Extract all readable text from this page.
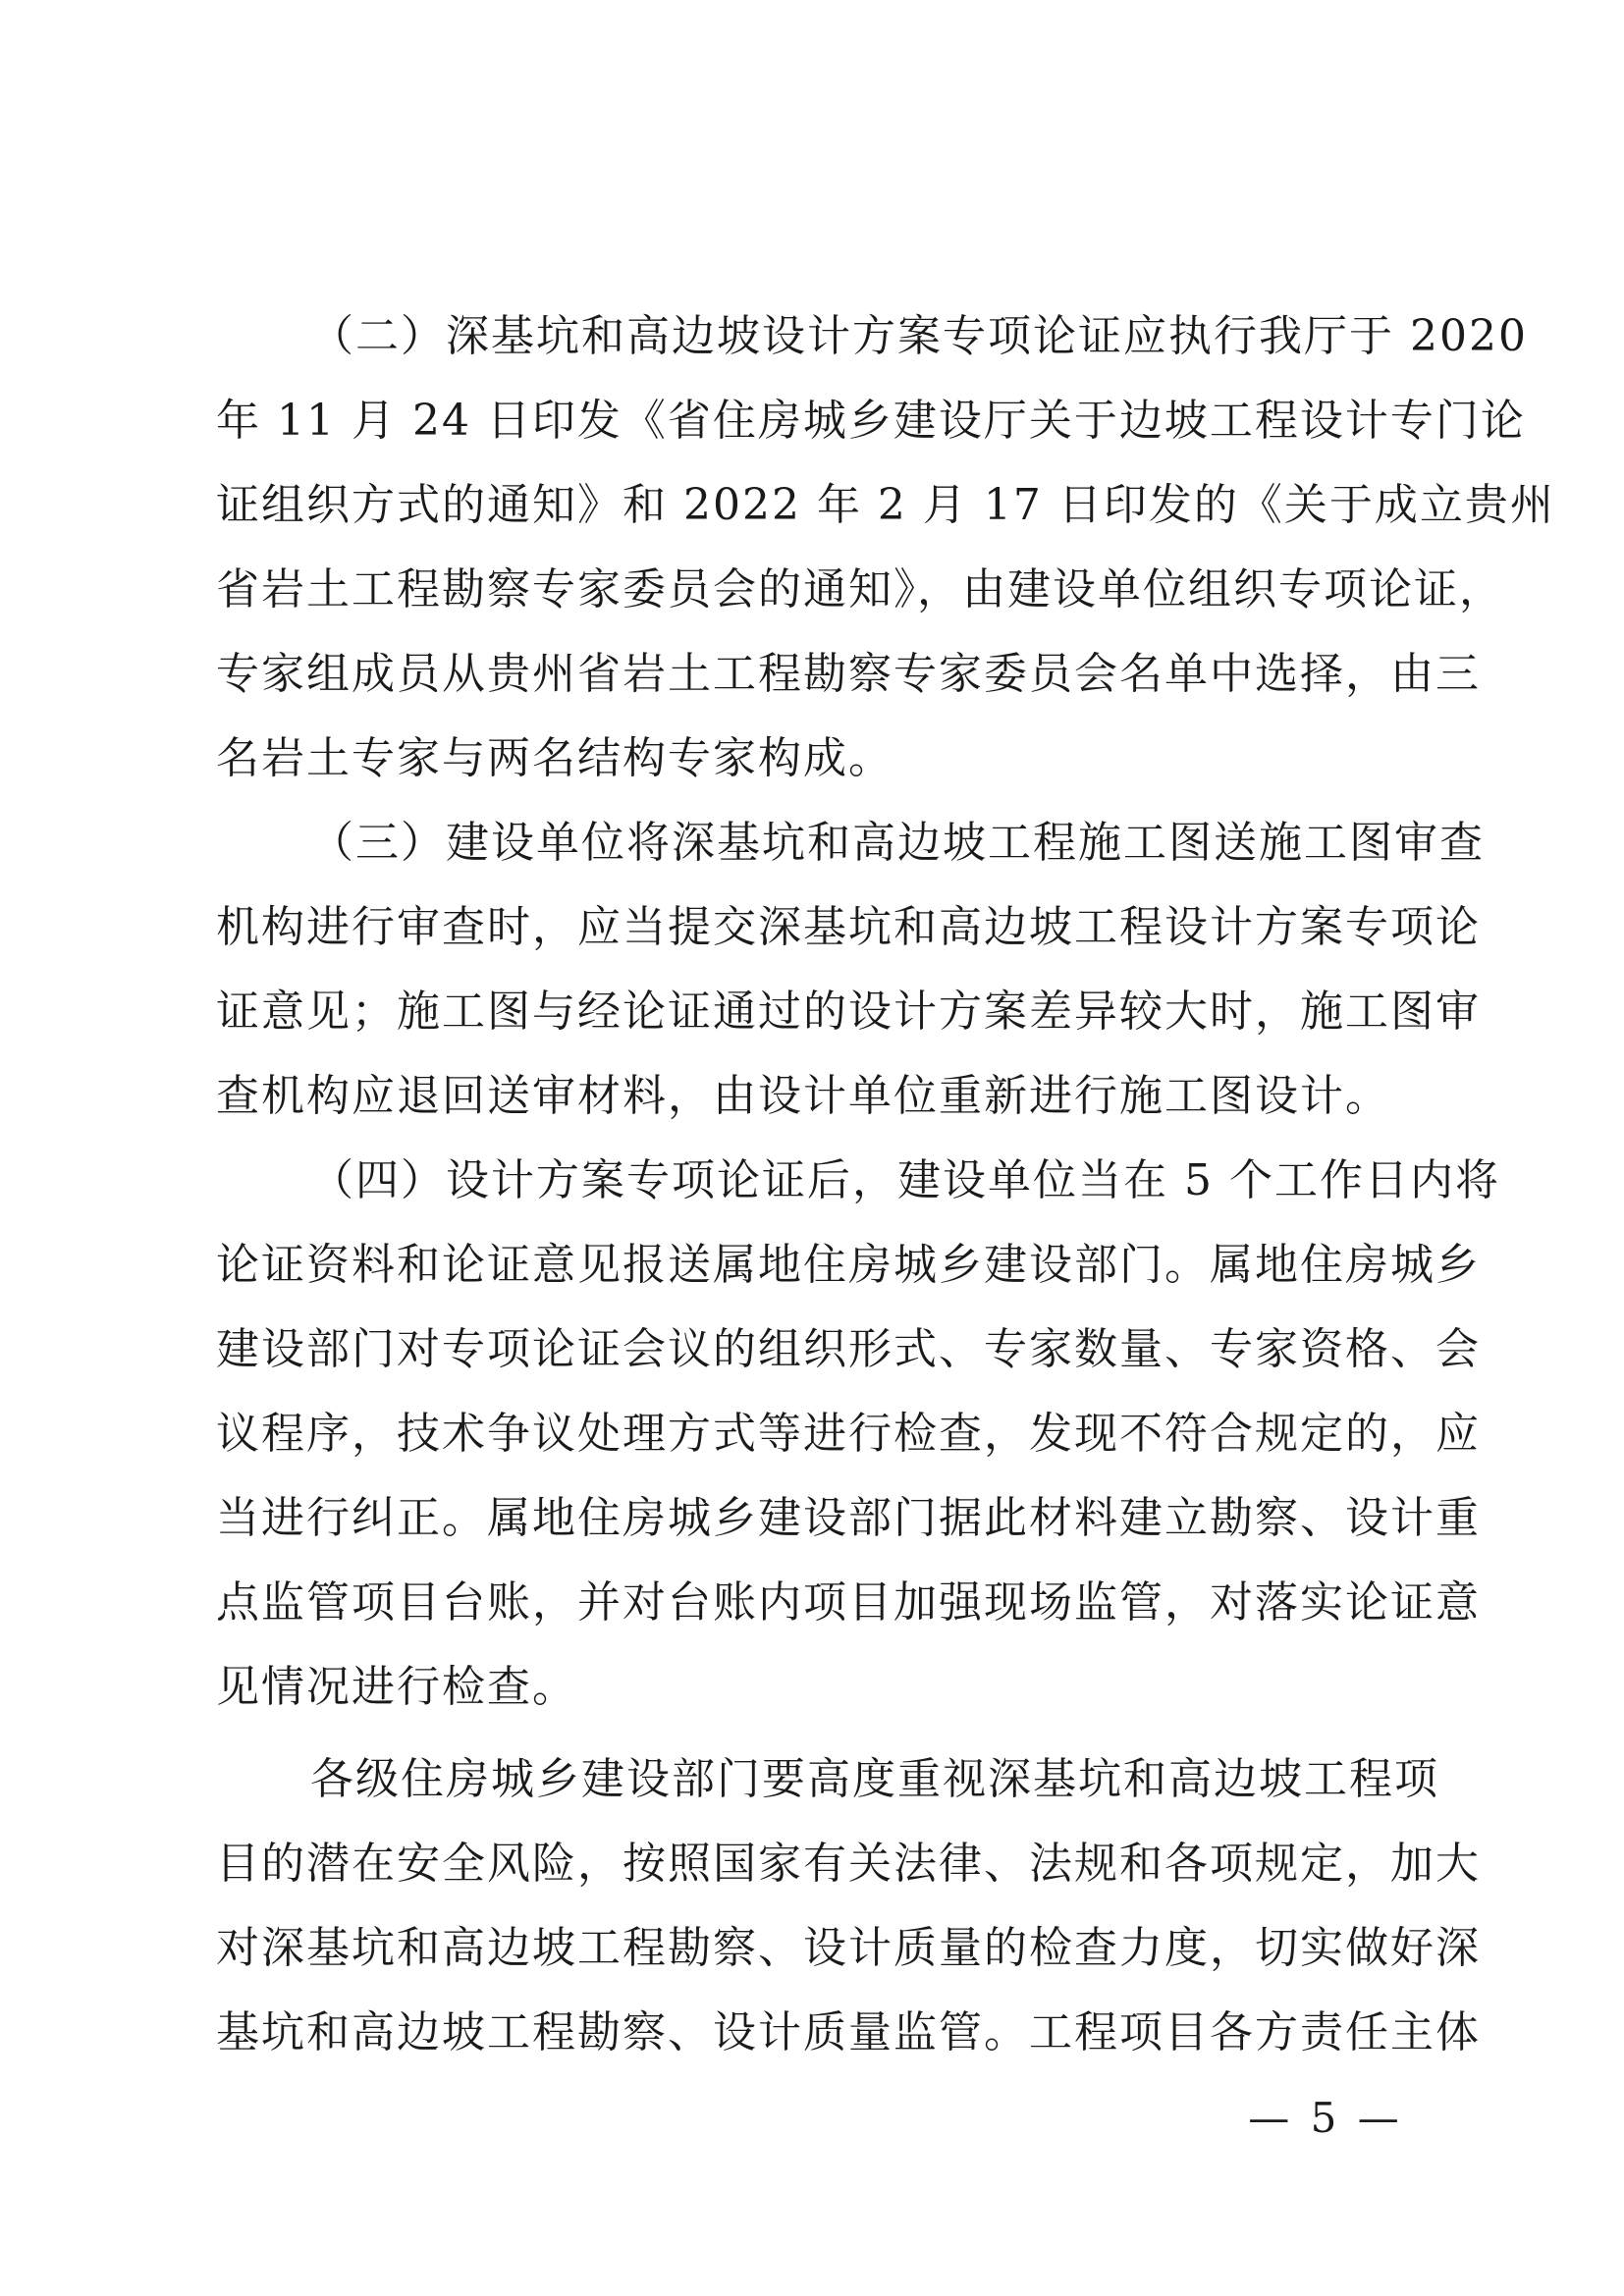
（二）深基坑和高边坡设计方案专项论证应执行我厅于 2020
年 11 月 24 日印发《省住房城乡建设厅关于边坡工程设计专门论
证组织方式的通知》和 2022 年 2 月 17 日印发的《关于成立贵州
省岩土工程勘察专家委员会的通知》，由建设单位组织专项论证，
专家组成员从贵州省岩土工程勘察专家委员会名单中选择，由三
名岩土专家与两名结构专家构成。
（三）建设单位将深基坑和高边坡工程施工图送施工图审查
机构进行审查时，应当提交深基坑和高边坡工程设计方案专项论
证意见；施工图与经论证通过的设计方案差异较大时，施工图审
查机构应退回送审材料，由设计单位重新进行施工图设计。
（四）设计方案专项论证后，建设单位当在 5 个工作日内将
论证资料和论证意见报送属地住房城乡建设部门。属地住房城乡
建设部门对专项论证会议的组织形式、专家数量、专家资格、会
议程序，技术争议处理方式等进行检查，发现不符合规定的，应
当进行纠正。属地住房城乡建设部门据此材料建立勘察、设计重
点监管项目台账，并对台账内项目加强现场监管，对落实论证意
见情况进行检查。
各级住房城乡建设部门要高度重视深基坑和高边坡工程项
目的潜在安全风险，按照国家有关法律、法规和各项规定，加大
对深基坑和高边坡工程勘察、设计质量的检查力度，切实做好深
基坑和高边坡工程勘察、设计质量监管。工程项目各方责任主体
— 5 —
